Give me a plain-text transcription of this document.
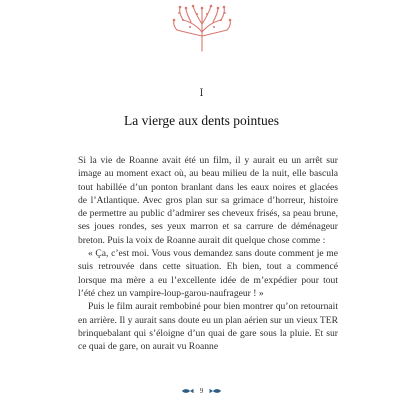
I
La vierge aux dents pointues

Si la vie de Roanne avait été un film, il y aurait eu un arrêt sur image au moment exact où, au beau milieu de la nuit, elle bascula tout habillée d’un ponton branlant dans les eaux noires et glacées de l’Atlantique. Avec gros plan sur sa grimace d’horreur, histoire de permettre au public d’admirer ses cheveux frisés, sa peau brune, ses joues rondes, ses yeux marron et sa carrure de déménageur breton. Puis la voix de Roanne aurait dit quelque chose comme :

« Ça, c’est moi. Vous vous demandez sans doute comment je me suis retrouvée dans cette situation. Eh bien, tout a commencé lorsque ma mère a eu l’excellente idée de m’expédier pour tout l’été chez un vampire-loup-garou-naufrageur ! »

Puis le film aurait rembobiné pour bien montrer qu’on retournait en arrière. Il y aurait sans doute eu un plan aérien sur un vieux TER brinquebalant qui s’éloigne d’un quai de gare sous la pluie. Et sur ce quai de gare, on aurait vu Roanne

9
